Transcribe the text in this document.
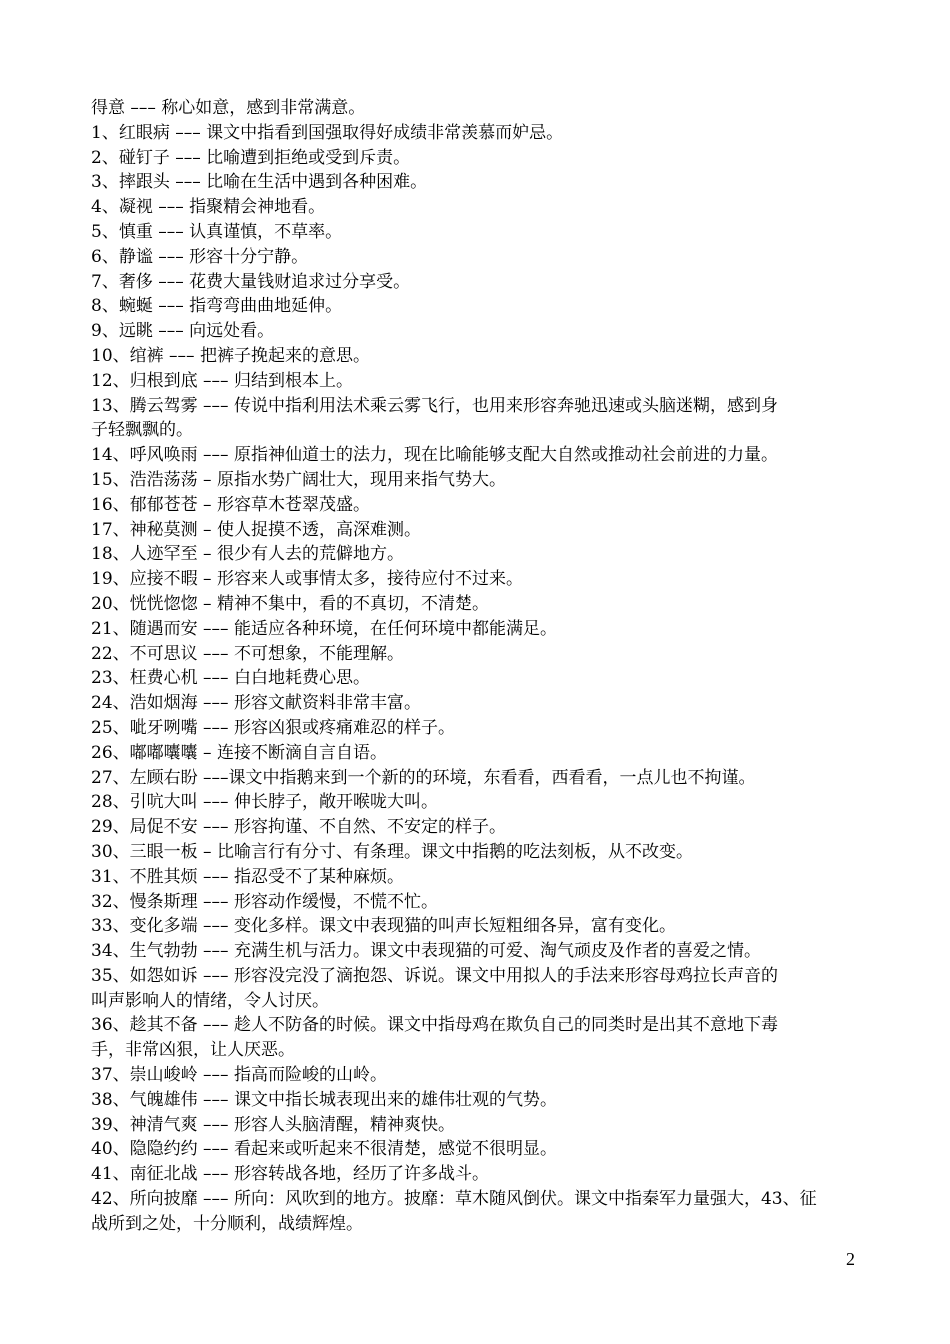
得意 ––– 称心如意，感到非常满意。
1、红眼病 ––– 课文中指看到国强取得好成绩非常羡慕而妒忌。
2、碰钉子 ––– 比喻遭到拒绝或受到斥责。
3、摔跟头 ––– 比喻在生活中遇到各种困难。
4、凝视 ––– 指聚精会神地看。
5、慎重 ––– 认真谨慎，不草率。
6、静谧 ––– 形容十分宁静。
7、奢侈 ––– 花费大量钱财追求过分享受。
8、蜿蜒 ––– 指弯弯曲曲地延伸。
9、远眺 ––– 向远处看。
10、绾裤 ––– 把裤子挽起来的意思。
12、归根到底 ––– 归结到根本上。
13、腾云驾雾 ––– 传说中指利用法术乘云雾飞行，也用来形容奔驰迅速或头脑迷糊，感到身
子轻飘飘的。
14、呼风唤雨 ––– 原指神仙道士的法力，现在比喻能够支配大自然或推动社会前进的力量。
15、浩浩荡荡 – 原指水势广阔壮大，现用来指气势大。
16、郁郁苍苍 – 形容草木苍翠茂盛。
17、神秘莫测 – 使人捉摸不透，高深难测。
18、人迹罕至 – 很少有人去的荒僻地方。
19、应接不暇 – 形容来人或事情太多，接待应付不过来。
20、恍恍惚惚 – 精神不集中，看的不真切，不清楚。
21、随遇而安 ––– 能适应各种环境，在任何环境中都能满足。
22、不可思议 ––– 不可想象，不能理解。
23、枉费心机 ––– 白白地耗费心思。
24、浩如烟海 ––– 形容文献资料非常丰富。
25、呲牙咧嘴 ––– 形容凶狠或疼痛难忍的样子。
26、嘟嘟囔囔 – 连接不断滴自言自语。
27、左顾右盼 –––课文中指鹅来到一个新的的环境，东看看，西看看，一点儿也不拘谨。
28、引吭大叫 ––– 伸长脖子，敞开喉咙大叫。
29、局促不安 ––– 形容拘谨、不自然、不安定的样子。
30、三眼一板 – 比喻言行有分寸、有条理。课文中指鹅的吃法刻板，从不改变。
31、不胜其烦 ––– 指忍受不了某种麻烦。
32、慢条斯理 ––– 形容动作缓慢，不慌不忙。
33、变化多端 ––– 变化多样。课文中表现猫的叫声长短粗细各异，富有变化。
34、生气勃勃 ––– 充满生机与活力。课文中表现猫的可爱、淘气顽皮及作者的喜爱之情。
35、如怨如诉 ––– 形容没完没了滴抱怨、诉说。课文中用拟人的手法来形容母鸡拉长声音的
叫声影响人的情绪，令人讨厌。
36、趁其不备 ––– 趁人不防备的时候。课文中指母鸡在欺负自己的同类时是出其不意地下毒
手，非常凶狠，让人厌恶。
37、崇山峻岭 ––– 指高而险峻的山岭。
38、气魄雄伟 ––– 课文中指长城表现出来的雄伟壮观的气势。
39、神清气爽 ––– 形容人头脑清醒，精神爽快。
40、隐隐约约 ––– 看起来或听起来不很清楚，感觉不很明显。
41、南征北战 ––– 形容转战各地，经历了许多战斗。
42、所向披靡 ––– 所向：风吹到的地方。披靡：草木随风倒伏。课文中指秦军力量强大，43、征
战所到之处，十分顺利，战绩辉煌。
2
